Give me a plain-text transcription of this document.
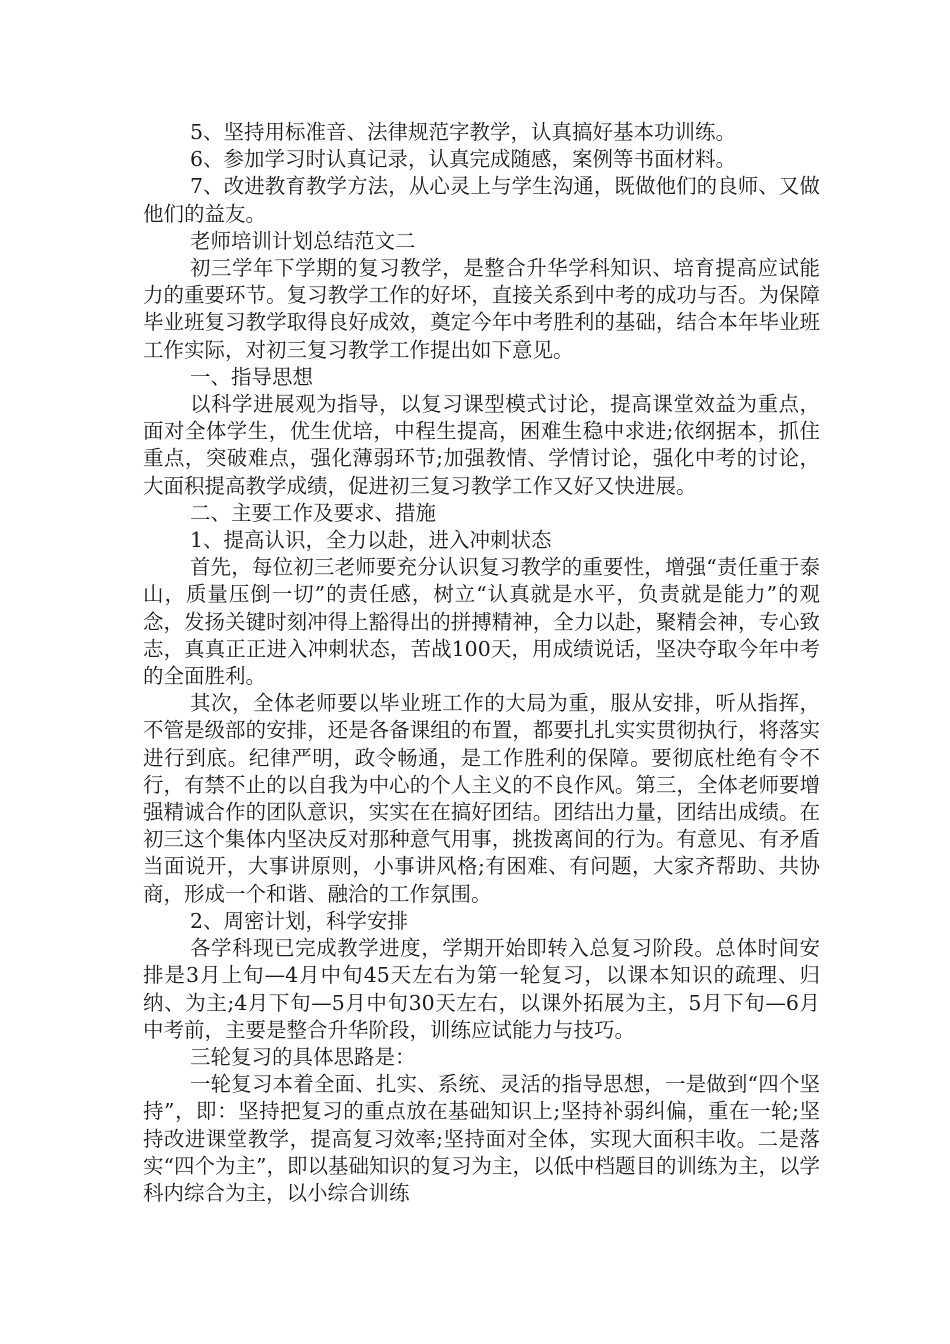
5、坚持用标准音、法律规范字教学，认真搞好基本功训练。

6、参加学习时认真记录，认真完成随感，案例等书面材料。

7、改进教育教学方法，从心灵上与学生沟通，既做他们的良师、又做他们的益友。

老师培训计划总结范文二

初三学年下学期的复习教学，是整合升华学科知识、培育提高应试能力的重要环节。复习教学工作的好坏，直接关系到中考的成功与否。为保障毕业班复习教学取得良好成效，奠定今年中考胜利的基础，结合本年毕业班工作实际，对初三复习教学工作提出如下意见。

一、指导思想

以科学进展观为指导，以复习课型模式讨论，提高课堂效益为重点，面对全体学生，优生优培，中程生提高，困难生稳中求进;依纲据本，抓住重点，突破难点，强化薄弱环节;加强教情、学情讨论，强化中考的讨论，大面积提高教学成绩，促进初三复习教学工作又好又快进展。

二、主要工作及要求、措施

1、提高认识，全力以赴，进入冲刺状态

首先，每位初三老师要充分认识复习教学的重要性，增强“责任重于泰山，质量压倒一切”的责任感，树立“认真就是水平，负责就是能力”的观念，发扬关键时刻冲得上豁得出的拼搏精神，全力以赴，聚精会神，专心致志，真真正正进入冲刺状态，苦战100天，用成绩说话，坚决夺取今年中考的全面胜利。

其次，全体老师要以毕业班工作的大局为重，服从安排，听从指挥，不管是级部的安排，还是各备课组的布置，都要扎扎实实贯彻执行，将落实进行到底。纪律严明，政令畅通，是工作胜利的保障。要彻底杜绝有令不行，有禁不止的以自我为中心的个人主义的不良作风。第三，全体老师要增强精诚合作的团队意识，实实在在搞好团结。团结出力量，团结出成绩。在初三这个集体内坚决反对那种意气用事，挑拨离间的行为。有意见、有矛盾当面说开，大事讲原则，小事讲风格;有困难、有问题，大家齐帮助、共协商，形成一个和谐、融洽的工作氛围。

2、周密计划，科学安排

各学科现已完成教学进度，学期开始即转入总复习阶段。总体时间安排是3月上旬—4月中旬45天左右为第一轮复习，以课本知识的疏理、归纳、为主;4月下旬—5月中旬30天左右，以课外拓展为主，5月下旬—6月中考前，主要是整合升华阶段，训练应试能力与技巧。

三轮复习的具体思路是：

一轮复习本着全面、扎实、系统、灵活的指导思想，一是做到“四个坚持”，即：坚持把复习的重点放在基础知识上;坚持补弱纠偏，重在一轮;坚持改进课堂教学，提高复习效率;坚持面对全体，实现大面积丰收。二是落实“四个为主”，即以基础知识的复习为主，以低中档题目的训练为主，以学科内综合为主，以小综合训练
